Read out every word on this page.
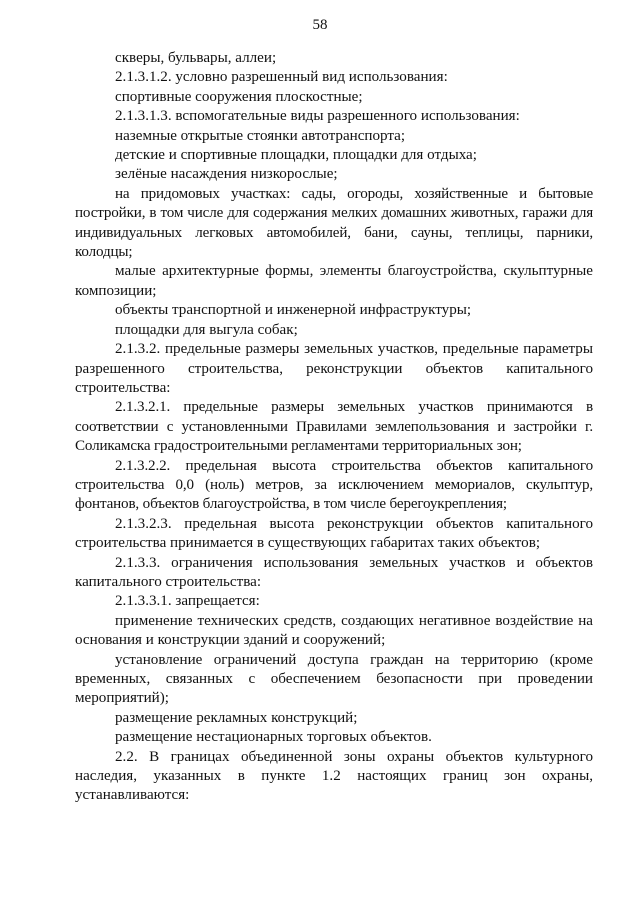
58

скверы, бульвары, аллеи;

2.1.3.1.2. условно разрешенный вид использования:

спортивные сооружения плоскостные;

2.1.3.1.3. вспомогательные виды разрешенного использования:

наземные открытые стоянки автотранспорта;

детские и спортивные площадки, площадки для отдыха;

зелёные насаждения низкорослые;

на придомовых участках: сады, огороды, хозяйственные и бытовые постройки, в том числе для содержания мелких домашних животных, гаражи для индивидуальных легковых автомобилей, бани, сауны, теплицы, парники, колодцы;

малые архитектурные формы, элементы благоустройства, скульптурные композиции;

объекты транспортной и инженерной инфраструктуры;

площадки для выгула собак;

2.1.3.2. предельные размеры земельных участков, предельные параметры разрешенного строительства, реконструкции объектов капитального строительства:

2.1.3.2.1. предельные размеры земельных участков принимаются в соответствии с установленными Правилами землепользования и застройки г. Соликамска градостроительными регламентами территориальных зон;

2.1.3.2.2. предельная высота строительства объектов капитального строительства 0,0 (ноль) метров, за исключением мемориалов, скульптур, фонтанов, объектов благоустройства, в том числе берегоукрепления;

2.1.3.2.3. предельная высота реконструкции объектов капитального строительства принимается в существующих габаритах таких объектов;

2.1.3.3. ограничения использования земельных участков и объектов капитального строительства:

2.1.3.3.1. запрещается:

применение технических средств, создающих негативное воздействие на основания и конструкции зданий и сооружений;

установление ограничений доступа граждан на территорию (кроме временных, связанных с обеспечением безопасности при проведении мероприятий);

размещение рекламных конструкций;

размещение нестационарных торговых объектов.

2.2. В границах объединенной зоны охраны объектов культурного наследия, указанных в пункте 1.2 настоящих границ зон охраны, устанавливаются:
